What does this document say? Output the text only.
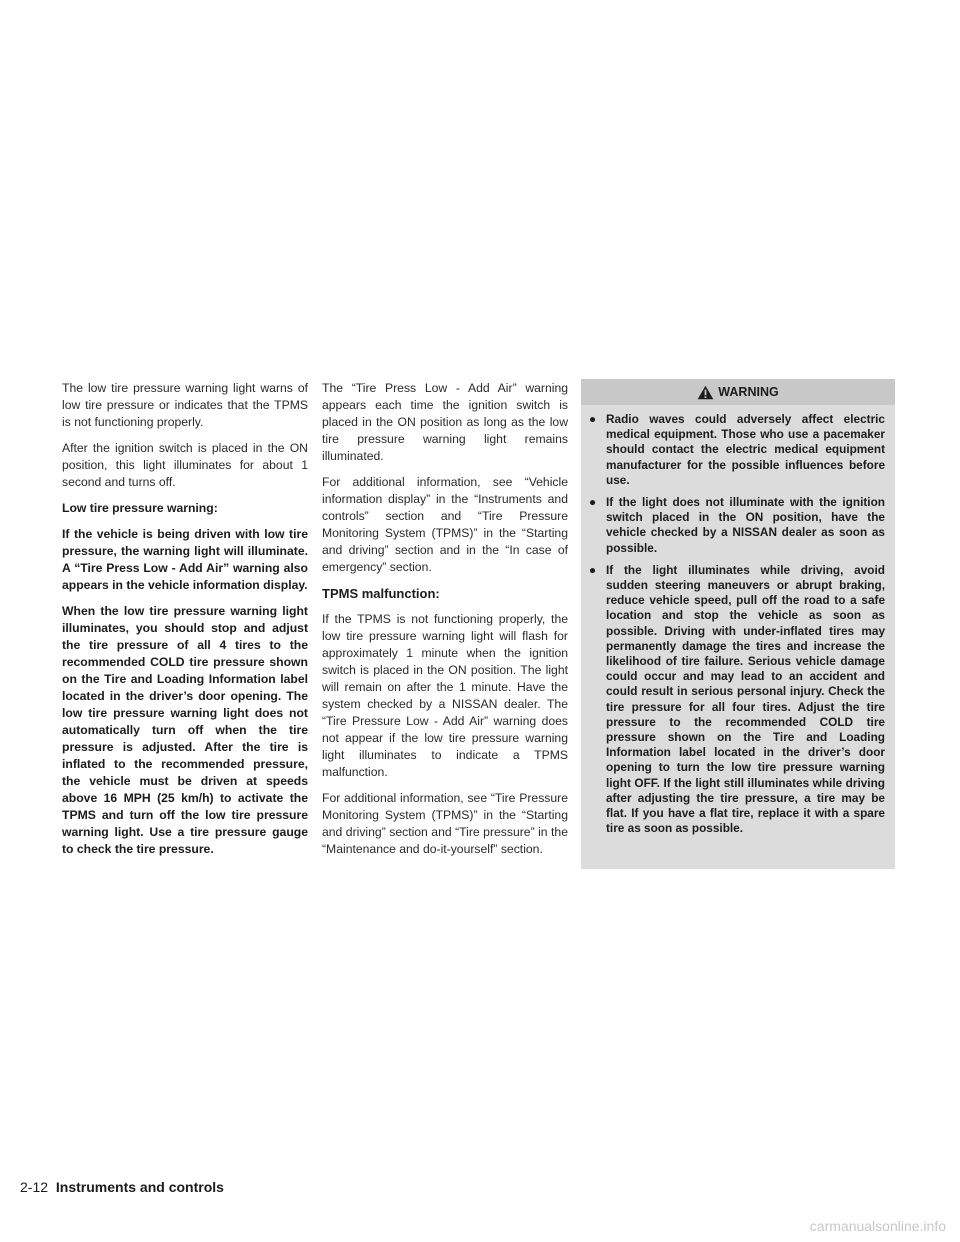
The low tire pressure warning light warns of low tire pressure or indicates that the TPMS is not functioning properly.

After the ignition switch is placed in the ON position, this light illuminates for about 1 second and turns off.

Low tire pressure warning:

If the vehicle is being driven with low tire pressure, the warning light will illuminate. A “Tire Press Low - Add Air” warning also appears in the vehicle information display.

When the low tire pressure warning light illuminates, you should stop and adjust the tire pressure of all 4 tires to the recommended COLD tire pressure shown on the Tire and Loading Information label located in the driver’s door opening. The low tire pressure warning light does not automatically turn off when the tire pressure is adjusted. After the tire is inflated to the recommended pressure, the vehicle must be driven at speeds above 16 MPH (25 km/h) to activate the TPMS and turn off the low tire pressure warning light. Use a tire pressure gauge to check the tire pressure.

The “Tire Press Low - Add Air” warning appears each time the ignition switch is placed in the ON position as long as the low tire pressure warning light remains illuminated.

For additional information, see “Vehicle information display” in the “Instruments and controls” section and “Tire Pressure Monitoring System (TPMS)” in the “Starting and driving” section and in the “In case of emergency” section.

TPMS malfunction:

If the TPMS is not functioning properly, the low tire pressure warning light will flash for approximately 1 minute when the ignition switch is placed in the ON position. The light will remain on after the 1 minute. Have the system checked by a NISSAN dealer. The “Tire Pressure Low - Add Air” warning does not appear if the low tire pressure warning light illuminates to indicate a TPMS malfunction.

For additional information, see “Tire Pressure Monitoring System (TPMS)” in the “Starting and driving” section and “Tire pressure” in the “Maintenance and do-it-yourself” section.

WARNING
● Radio waves could adversely affect electric medical equipment. Those who use a pacemaker should contact the electric medical equipment manufacturer for the possible influences before use.
● If the light does not illuminate with the ignition switch placed in the ON position, have the vehicle checked by a NISSAN dealer as soon as possible.
● If the light illuminates while driving, avoid sudden steering maneuvers or abrupt braking, reduce vehicle speed, pull off the road to a safe location and stop the vehicle as soon as possible. Driving with under-inflated tires may permanently damage the tires and increase the likelihood of tire failure. Serious vehicle damage could occur and may lead to an accident and could result in serious personal injury. Check the tire pressure for all four tires. Adjust the tire pressure to the recommended COLD tire pressure shown on the Tire and Loading Information label located in the driver’s door opening to turn the low tire pressure warning light OFF. If the light still illuminates while driving after adjusting the tire pressure, a tire may be flat. If you have a flat tire, replace it with a spare tire as soon as possible.
2-12 Instruments and controls
carmanualsonline.info
